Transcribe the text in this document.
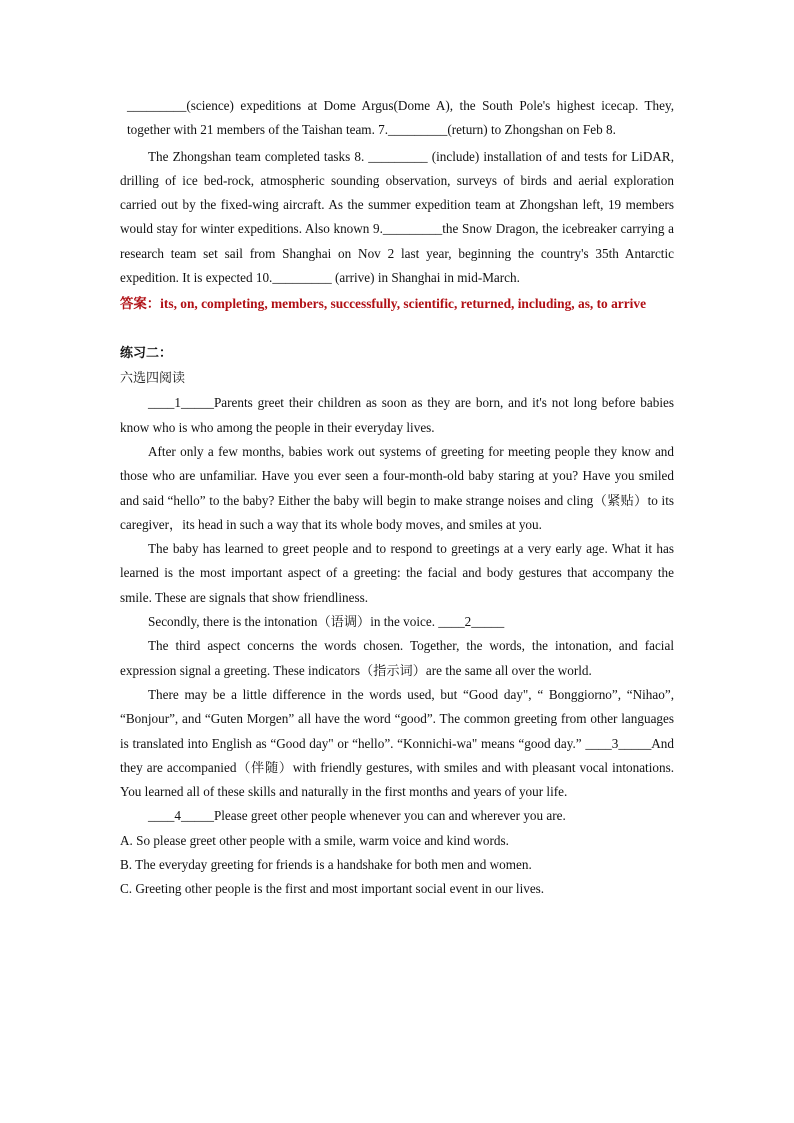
_________(science) expeditions at Dome Argus(Dome A), the South Pole's highest icecap. They, together with 21 members of the Taishan team. 7._________(return) to Zhongshan on Feb 8.

The Zhongshan team completed tasks 8. _________ (include) installation of and tests for LiDAR, drilling of ice bed-rock, atmospheric sounding observation, surveys of birds and aerial exploration carried out by the fixed-wing aircraft. As the summer expedition team at Zhongshan left, 19 members would stay for winter expeditions. Also known 9._________the Snow Dragon, the icebreaker carrying a research team set sail from Shanghai on Nov 2 last year, beginning the country's 35th Antarctic expedition. It is expected 10._________ (arrive) in Shanghai in mid-March.

答案：its, on, completing, members, successfully, scientific, returned, including, as, to arrive

练习二：

六选四阅读

____1_____Parents greet their children as soon as they are born, and it's not long before babies know who is who among the people in their everyday lives.

After only a few months, babies work out systems of greeting for meeting people they know and those who are unfamiliar. Have you ever seen a four-month-old baby staring at you? Have you smiled and said “hello” to the baby? Either the baby will begin to make strange noises and cling（紧贴）to its caregiver，its head in such a way that its whole body moves, and smiles at you.

The baby has learned to greet people and to respond to greetings at a very early age. What it has learned is the most important aspect of a greeting: the facial and body gestures that accompany the smile. These are signals that show friendliness.

Secondly, there is the intonation（语调）in the voice. ____2_____

The third aspect concerns the words chosen. Together, the words, the intonation, and facial expression signal a greeting. These indicators（指示词）are the same all over the world.

There may be a little difference in the words used, but “Good day", “ Bonggiorno”, “Nihao”, “Bonjour”, and “Guten Morgen” all have the word “good”. The common greeting from other languages is translated into English as “Good day" or “hello”. “Konnichi-wa" means “good day.” ____3_____And they are accompanied（伴随）with friendly gestures, with smiles and with pleasant vocal intonations. You learned all of these skills and naturally in the first months and years of your life.

____4_____Please greet other people whenever you can and wherever you are.

A. So please greet other people with a smile, warm voice and kind words.

B. The everyday greeting for friends is a handshake for both men and women.

C. Greeting other people is the first and most important social event in our lives.
